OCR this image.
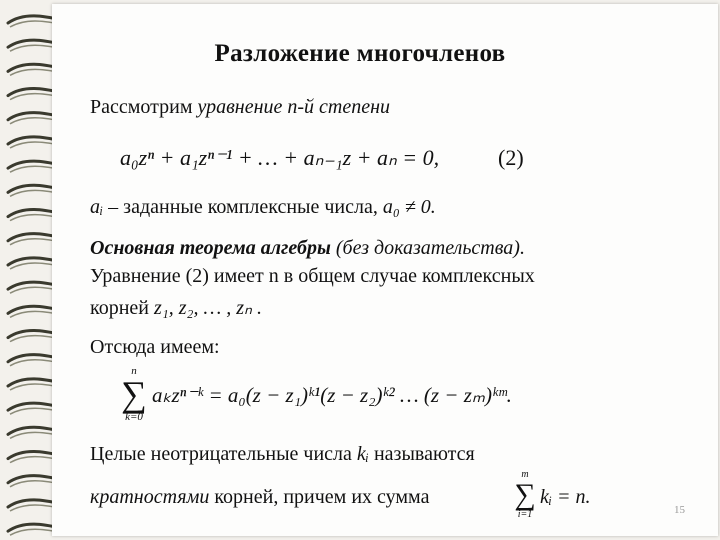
Разложение многочленов
Рассмотрим уравнение n-й степени
a₀zⁿ + a₁zⁿ⁻¹ + … + aₙ₋₁z + aₙ = 0,	(2)
aᵢ – заданные комплексные числа, a₀ ≠ 0.
Основная теорема алгебры (без доказательства).
Уравнение (2) имеет n в общем случае комплексных
корней z₁, z₂, … , zₙ .
Отсюда имеем:
n
∑
k=0
aₖzⁿ⁻ᵏ = a₀(z − z₁)ᵏ¹(z − z₂)ᵏ² … (z − zₘ)ᵏᵐ.
Целые неотрицательные числа kᵢ называются
кратностями корней, причем их сумма
m
∑
i=1
kᵢ = n.
15
